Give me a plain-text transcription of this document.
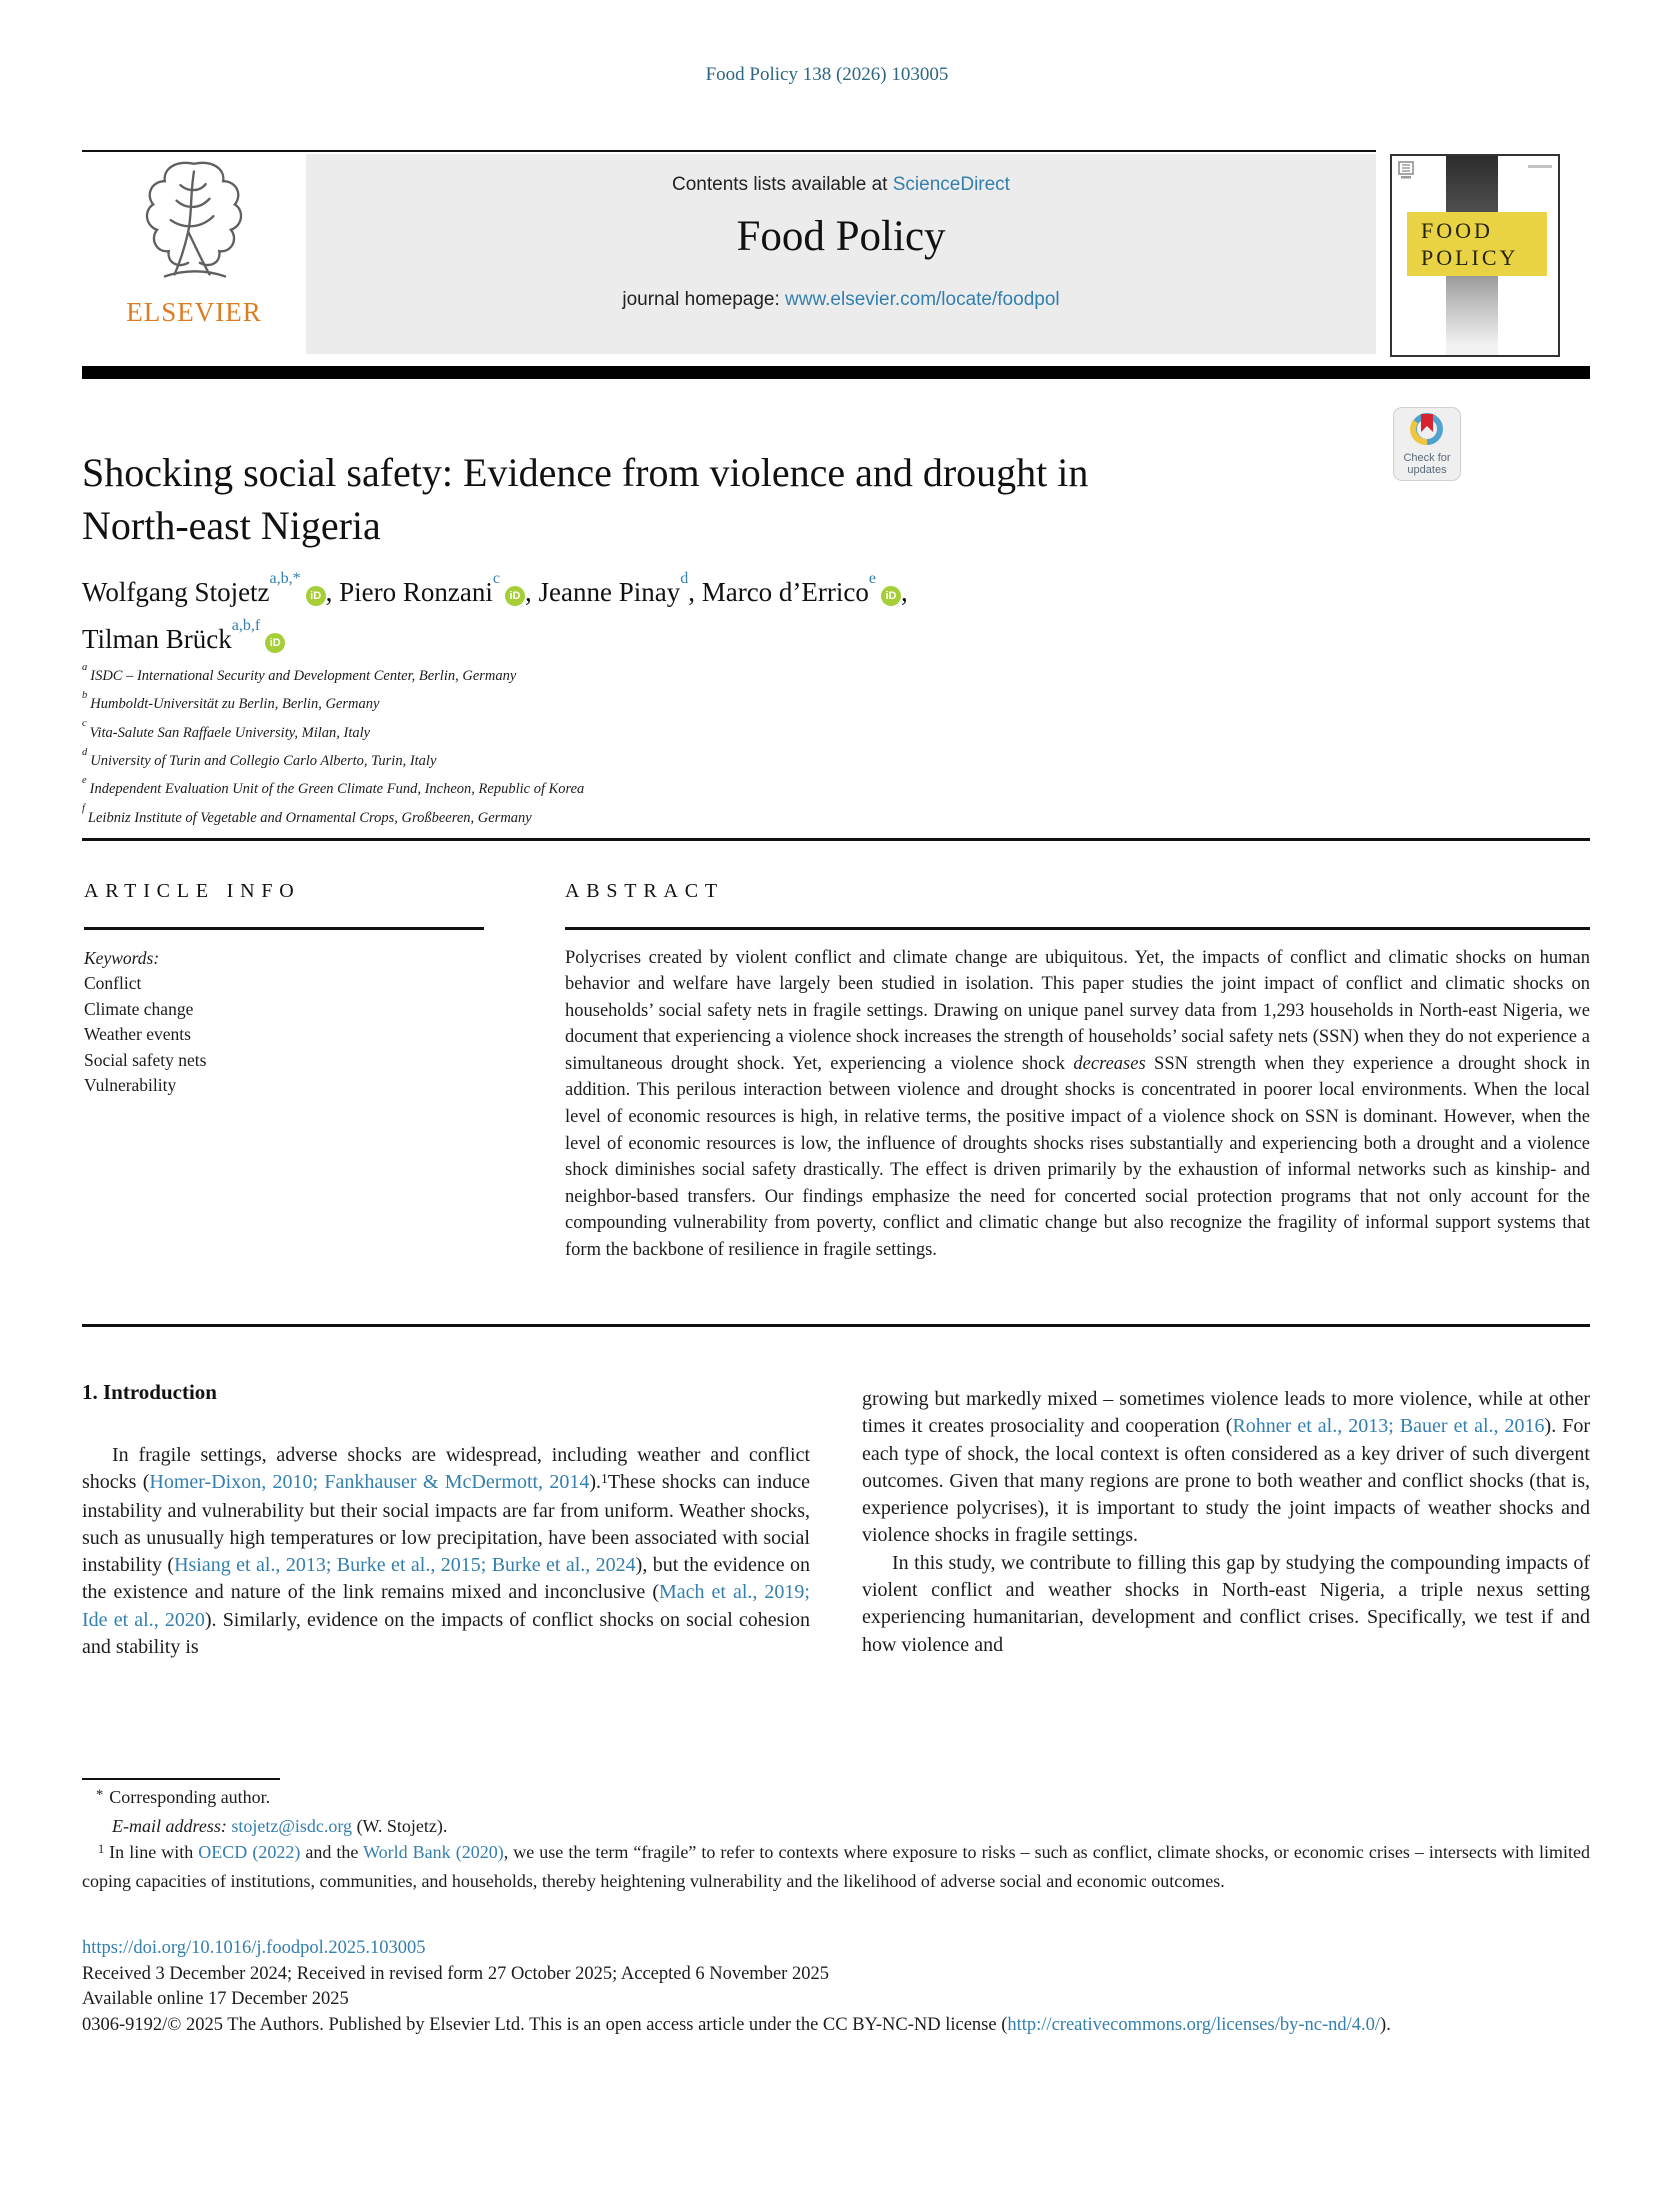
Food Policy 138 (2026) 103005
ELSEVIER
Contents lists available at ScienceDirect
Food Policy
journal homepage: www.elsevier.com/locate/foodpol
FOOD
POLICY
Check for
updates
Shocking social safety: Evidence from violence and drought in
North-east Nigeria
Wolfgang Stojetz$^{a,b,*}$iD , Piero Ronzani$^c$iD , Jeanne Pinay$^d$, Marco d’Errico$^e$iD ,
Tilman Brück$^{a,b,f}$iD
$^a$ISDC – International Security and Development Center, Berlin, Germany
$^b$Humboldt-Universität zu Berlin, Berlin, Germany
$^c$Vita-Salute San Raffaele University, Milan, Italy
$^d$University of Turin and Collegio Carlo Alberto, Turin, Italy
$^e$Independent Evaluation Unit of the Green Climate Fund, Incheon, Republic of Korea
$^f$Leibniz Institute of Vegetable and Ornamental Crops, Großbeeren, Germany
ARTICLE INFO
Keywords:
Conflict
Climate change
Weather events
Social safety nets
Vulnerability
ABSTRACT
Polycrises created by violent conflict and climate change are ubiquitous. Yet, the impacts of conflict and climatic shocks on human behavior and welfare have largely been studied in isolation. This paper studies the joint impact of conflict and climatic shocks on households’ social safety nets in fragile settings. Drawing on unique panel survey data from 1,293 households in North-east Nigeria, we document that experiencing a violence shock increases the strength of households’ social safety nets (SSN) when they do not experience a simultaneous drought shock. Yet, experiencing a violence shock decreases SSN strength when they experience a drought shock in addition. This perilous interaction between violence and drought shocks is concentrated in poorer local environments. When the local level of economic resources is high, in relative terms, the positive impact of a violence shock on SSN is dominant. However, when the level of economic resources is low, the influence of droughts shocks rises substantially and experiencing both a drought and a violence shock diminishes social safety drastically. The effect is driven primarily by the exhaustion of informal networks such as kinship- and neighbor-based transfers. Our findings emphasize the need for concerted social protection programs that not only account for the compounding vulnerability from poverty, conflict and climatic change but also recognize the fragility of informal support systems that form the backbone of resilience in fragile settings.
1. Introduction

In fragile settings, adverse shocks are widespread, including weather and conflict shocks (Homer-Dixon, 2010; Fankhauser & McDermott, 2014).$^1$These shocks can induce instability and vulnerability but their social impacts are far from uniform. Weather shocks, such as unusually high temperatures or low precipitation, have been associated with social instability (Hsiang et al., 2013; Burke et al., 2015; Burke et al., 2024), but the evidence on the existence and nature of the link remains mixed and inconclusive (Mach et al., 2019; Ide et al., 2020). Similarly, evidence on the impacts of conflict shocks on social cohesion and stability is

growing but markedly mixed – sometimes violence leads to more violence, while at other times it creates prosociality and cooperation (Rohner et al., 2013; Bauer et al., 2016). For each type of shock, the local context is often considered as a key driver of such divergent outcomes. Given that many regions are prone to both weather and conflict shocks (that is, experience polycrises), it is important to study the joint impacts of weather shocks and violence shocks in fragile settings.

In this study, we contribute to filling this gap by studying the compounding impacts of violent conflict and weather shocks in North-east Nigeria, a triple nexus setting experiencing humanitarian, development and conflict crises. Specifically, we test if and how violence and

* Corresponding author.
E-mail address: stojetz@isdc.org (W. Stojetz).
$^1$ In line with OECD (2022) and the World Bank (2020), we use the term “fragile” to refer to contexts where exposure to risks – such as conflict, climate shocks, or economic crises – intersects with limited coping capacities of institutions, communities, and households, thereby heightening vulnerability and the likelihood of adverse social and economic outcomes.
https://doi.org/10.1016/j.foodpol.2025.103005
Received 3 December 2024; Received in revised form 27 October 2025; Accepted 6 November 2025
Available online 17 December 2025
0306-9192/© 2025 The Authors. Published by Elsevier Ltd. This is an open access article under the CC BY-NC-ND license (http://creativecommons.org/licenses/by-nc-nd/4.0/).
